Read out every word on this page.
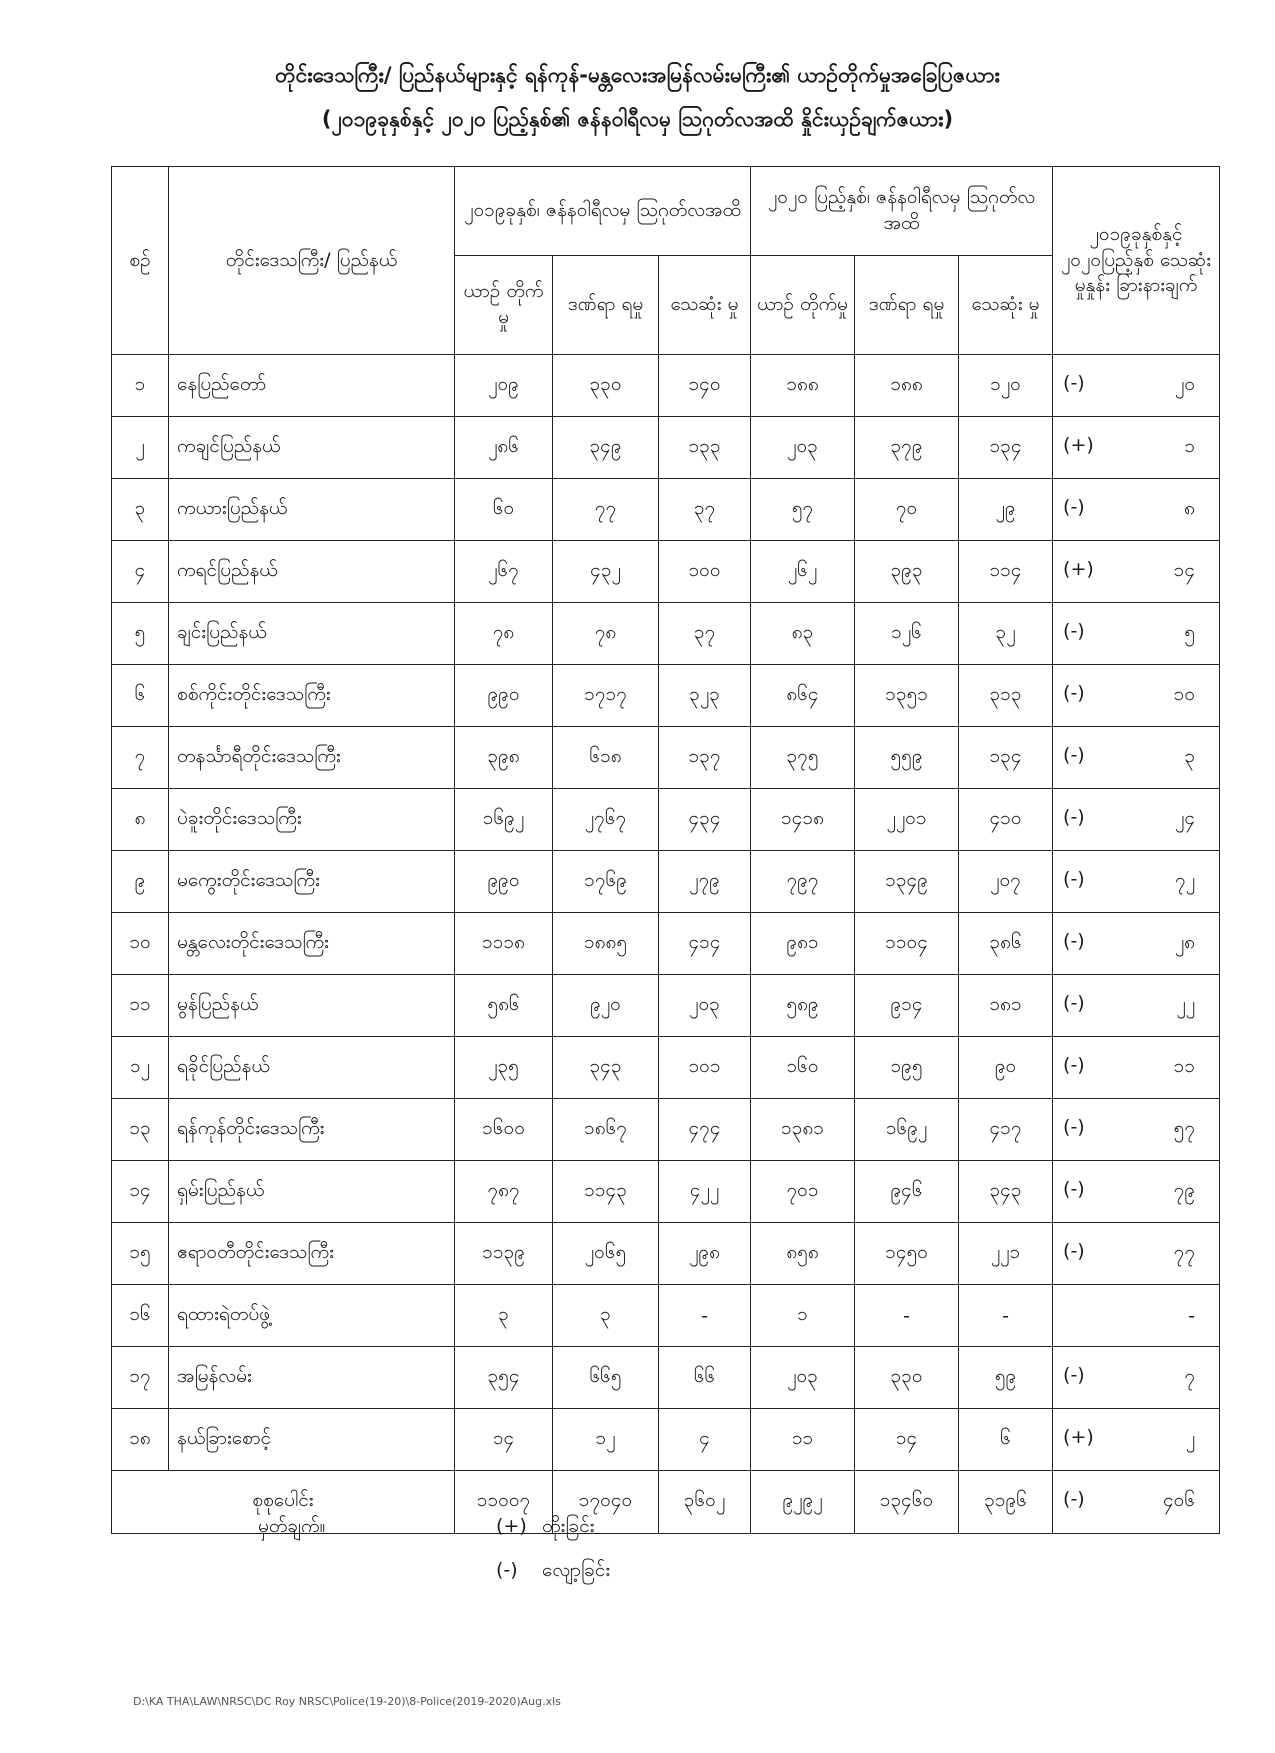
တိုင်းဒေသကြီး/ ပြည်နယ်များနှင့် ရန်ကုန်-မန္တလေးအမြန်လမ်းမကြီး၏ ယာဉ်တိုက်မှုအခြေပြဇယား
(၂၀၁၉ခုနှစ်နှင့် ၂၀၂၀ ပြည့်နှစ်၏ ဇန်နဝါရီလမှ ဩဂုတ်လအထိ နှိုင်းယှဉ်ချက်ဇယား)
စဉ်	တိုင်းဒေသကြီး/ ပြည်နယ်	၂၀၁၉ခုနှစ်၊ ဇန်နဝါရီလမှ ဩဂုတ်လအထိ			၂၀၂၀ ပြည့်နှစ်၊ ဇန်နဝါရီလမှ ဩဂုတ်လအထိ			၂၀၁၉ခုနှစ်နှင့် ၂၀၂၀ပြည့်နှစ် သေဆုံးမှုနှုန်း ခြားနားချက်
		ယာဉ် တိုက်မှု	ဒဏ်ရာ ရမှု	သေဆုံး မှု	ယာဉ် တိုက်မှု	ဒဏ်ရာ ရမှု	သေဆုံး မှု	
၁	နေပြည်တော်	၂၀၉	၃၃၀	၁၄၀	၁၈၈	၁၈၈	၁၂၀	(-) ၂၀

၂	ကချင်ပြည်နယ်	၂၈၆	၃၄၉	၁၃၃	၂၀၃	၃၇၉	၁၃၄	(+) ၁

၃	ကယားပြည်နယ်	၆၀	၇၇	၃၇	၅၇	၇၀	၂၉	(-) ၈

၄	ကရင်ပြည်နယ်	၂၆၇	၄၃၂	၁၀၀	၂၆၂	၃၉၃	၁၁၄	(+) ၁၄

၅	ချင်းပြည်နယ်	၇၈	၇၈	၃၇	၈၃	၁၂၆	၃၂	(-) ၅

၆	စစ်ကိုင်းတိုင်းဒေသကြီး	၉၉၀	၁၇၁၇	၃၂၃	၈၆၄	၁၃၅၁	၃၁၃	(-) ၁၀

၇	တနင်္သာရီတိုင်းဒေသကြီး	၃၉၈	၆၁၈	၁၃၇	၃၇၅	၅၅၉	၁၃၄	(-) ၃

၈	ပဲခူးတိုင်းဒေသကြီး	၁၆၉၂	၂၇၆၇	၄၃၄	၁၄၁၈	၂၂၀၁	၄၁၀	(-) ၂၄

၉	မကွေးတိုင်းဒေသကြီး	၉၉၀	၁၇၆၉	၂၇၉	၇၉၇	၁၃၄၉	၂၀၇	(-) ၇၂

၁၀	မန္တလေးတိုင်းဒေသကြီး	၁၁၁၈	၁၈၈၅	၄၁၄	၉၈၁	၁၁၀၄	၃၈၆	(-) ၂၈

၁၁	မွန်ပြည်နယ်	၅၈၆	၉၂၀	၂၀၃	၅၈၉	၉၁၄	၁၈၁	(-) ၂၂

၁၂	ရခိုင်ပြည်နယ်	၂၃၅	၃၄၃	၁၀၁	၁၆၀	၁၉၅	၉၀	(-) ၁၁

၁၃	ရန်ကုန်တိုင်းဒေသကြီး	၁၆၀၀	၁၈၆၇	၄၇၄	၁၃၈၁	၁၆၉၂	၄၁၇	(-) ၅၇

၁၄	ရှမ်းပြည်နယ်	၇၈၇	၁၁၄၃	၄၂၂	၇၀၁	၉၄၆	၃၄၃	(-) ၇၉

၁၅	ဧရာဝတီတိုင်းဒေသကြီး	၁၁၃၉	၂၀၆၅	၂၉၈	၈၅၈	၁၄၅၀	၂၂၁	(-) ၇၇

၁၆	ရထားရဲတပ်ဖွဲ့	၃	၃	-	၁	-	-	-

၁၇	အမြန်လမ်း	၃၅၄	၆၆၅	၆၆	၂၀၃	၃၃၀	၅၉	(-) ၇

၁၈	နယ်ခြားစောင့်	၁၄	၁၂	၄	၁၁	၁၄	၆	(+) ၂

စုစုပေါင်း		၁၁၀၀၇	၁၇၀၄၀	၃၆၀၂	၉၂၉၂	၁၃၄၆၀	၃၁၉၆	(-) ၄၀၆
မှတ်ချက်။	(+) တိုးခြင်း
(-) လျော့ခြင်း
D:\KA THA\LAW\NRSC\DC Roy NRSC\Police(19-20)\8-Police(2019-2020)Aug.xls
